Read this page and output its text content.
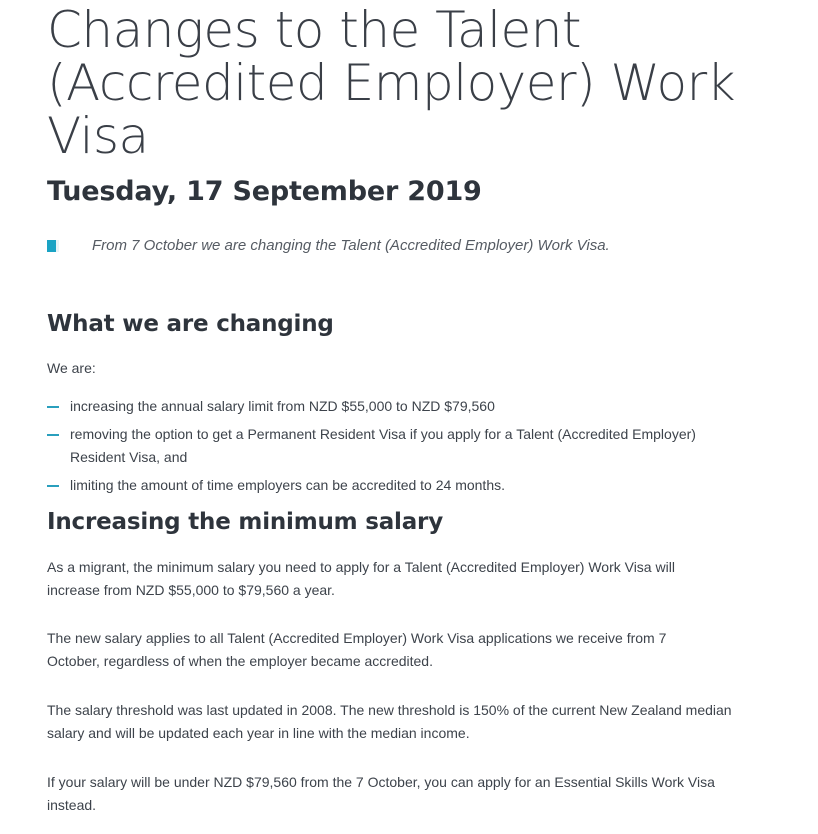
Changes to the Talent (Accredited Employer) Work Visa
Tuesday, 17 September 2019
From 7 October we are changing the Talent (Accredited Employer) Work Visa.
What we are changing

We are:

increasing the annual salary limit from NZD $55,000 to NZD $79,560
removing the option to get a Permanent Resident Visa if you apply for a Talent (Accredited Employer) Resident Visa, and
limiting the amount of time employers can be accredited to 24 months.
Increasing the minimum salary

As a migrant, the minimum salary you need to apply for a Talent (Accredited Employer) Work Visa will increase from NZD $55,000 to $79,560 a year.

The new salary applies to all Talent (Accredited Employer) Work Visa applications we receive from 7 October, regardless of when the employer became accredited.

The salary threshold was last updated in 2008. The new threshold is 150% of the current New Zealand median salary and will be updated each year in line with the median income.

If your salary will be under NZD $79,560 from the 7 October, you can apply for an Essential Skills Work Visa instead.
